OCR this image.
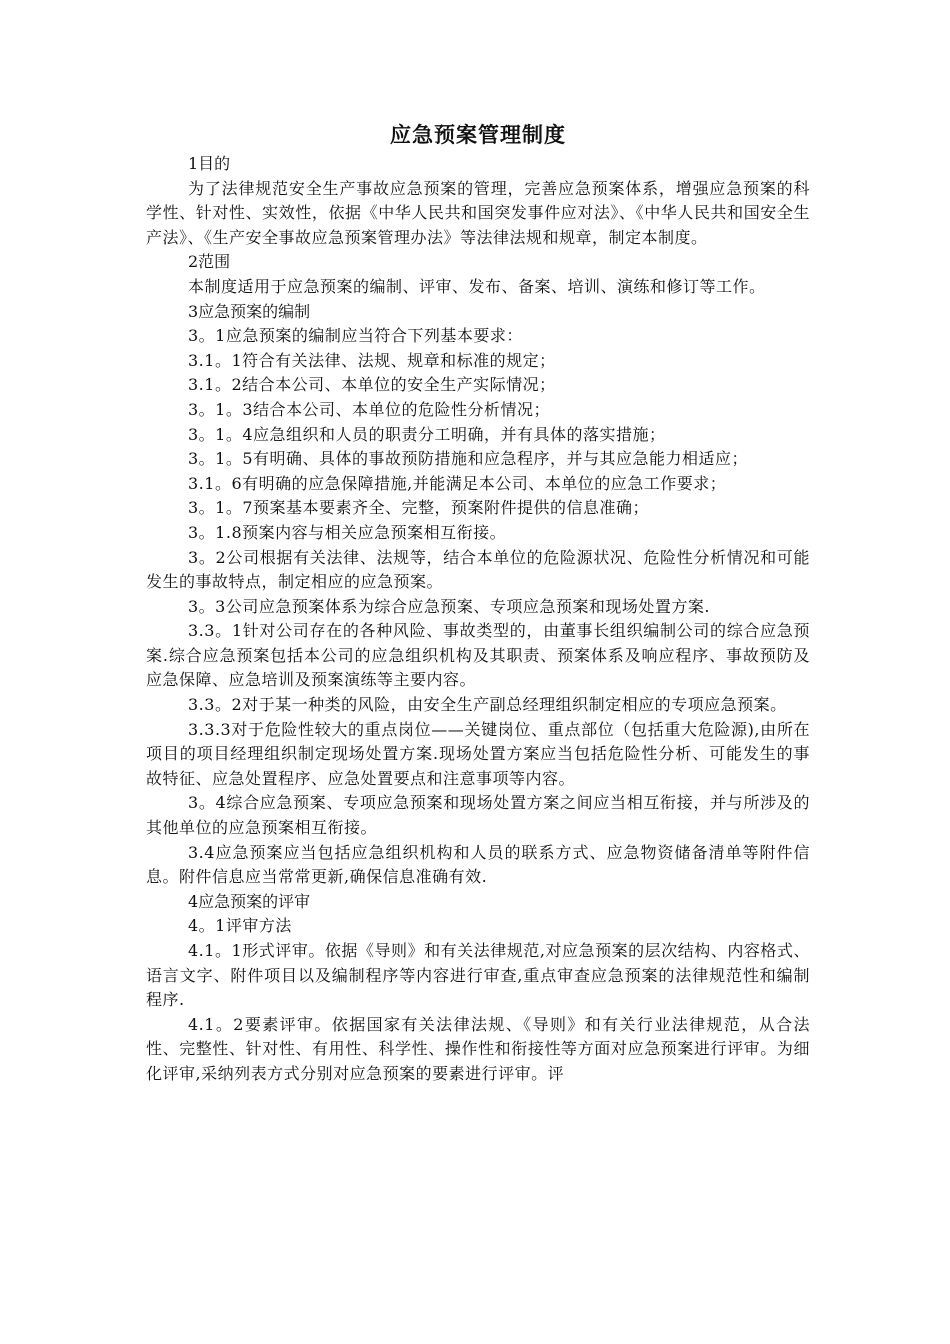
应急预案管理制度

1目的

为了法律规范安全生产事故应急预案的管理，完善应急预案体系，增强应急预案的科学性、针对性、实效性，依据《中华人民共和国突发事件应对法》、《中华人民共和国安全生产法》、《生产安全事故应急预案管理办法》等法律法规和规章，制定本制度。

2范围

本制度适用于应急预案的编制、评审、发布、备案、培训、演练和修订等工作。

3应急预案的编制

3。1应急预案的编制应当符合下列基本要求：

3.1。1符合有关法律、法规、规章和标准的规定；

3.1。2结合本公司、本单位的安全生产实际情况；

3。1。3结合本公司、本单位的危险性分析情况；

3。1。4应急组织和人员的职责分工明确，并有具体的落实措施；

3。1。5有明确、具体的事故预防措施和应急程序，并与其应急能力相适应；

3.1。6有明确的应急保障措施,并能满足本公司、本单位的应急工作要求；

3。1。7预案基本要素齐全、完整，预案附件提供的信息准确；

3。1.8预案内容与相关应急预案相互衔接。

3。2公司根据有关法律、法规等，结合本单位的危险源状况、危险性分析情况和可能发生的事故特点，制定相应的应急预案。

3。3公司应急预案体系为综合应急预案、专项应急预案和现场处置方案.

3.3。1针对公司存在的各种风险、事故类型的，由董事长组织编制公司的综合应急预案.综合应急预案包括本公司的应急组织机构及其职责、预案体系及响应程序、事故预防及应急保障、应急培训及预案演练等主要内容。

3.3。2对于某一种类的风险，由安全生产副总经理组织制定相应的专项应急预案。

3.3.3对于危险性较大的重点岗位——关键岗位、重点部位（包括重大危险源),由所在项目的项目经理组织制定现场处置方案.现场处置方案应当包括危险性分析、可能发生的事故特征、应急处置程序、应急处置要点和注意事项等内容。

3。4综合应急预案、专项应急预案和现场处置方案之间应当相互衔接，并与所涉及的其他单位的应急预案相互衔接。

3.4应急预案应当包括应急组织机构和人员的联系方式、应急物资储备清单等附件信息。附件信息应当常常更新,确保信息准确有效.

4应急预案的评审

4。1评审方法

4.1。1形式评审。依据《导则》和有关法律规范,对应急预案的层次结构、内容格式、语言文字、附件项目以及编制程序等内容进行审查,重点审查应急预案的法律规范性和编制程序.

4.1。2要素评审。依据国家有关法律法规、《导则》和有关行业法律规范，从合法性、完整性、针对性、有用性、科学性、操作性和衔接性等方面对应急预案进行评审。为细化评审,采纳列表方式分别对应急预案的要素进行评审。评
